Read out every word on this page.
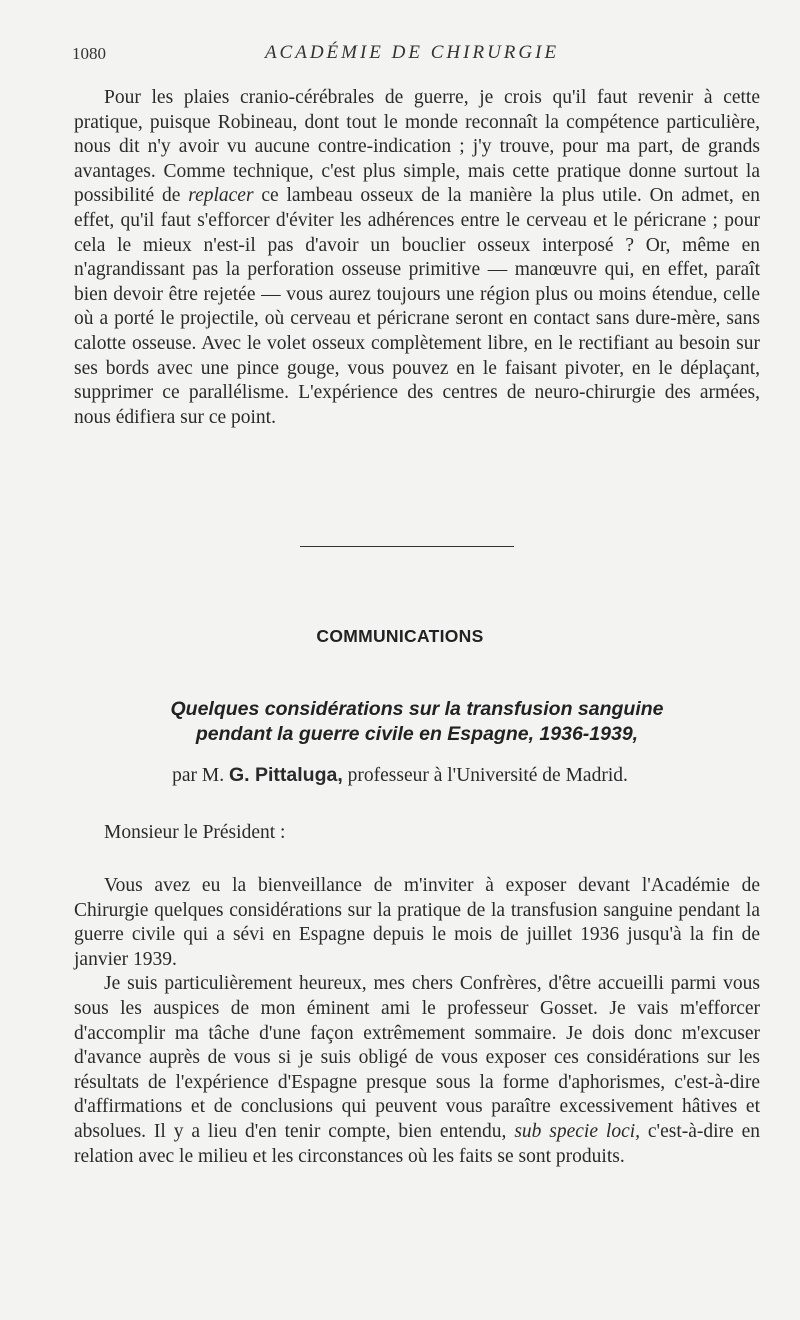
1080	ACADÉMIE DE CHIRURGIE

Pour les plaies cranio-cérébrales de guerre, je crois qu'il faut revenir à cette pratique, puisque Robineau, dont tout le monde reconnaît la compétence particulière, nous dit n'y avoir vu aucune contre-indication ; j'y trouve, pour ma part, de grands avantages. Comme technique, c'est plus simple, mais cette pratique donne surtout la possibilité de replacer ce lambeau osseux de la manière la plus utile. On admet, en effet, qu'il faut s'efforcer d'éviter les adhérences entre le cerveau et le péricrane ; pour cela le mieux n'est-il pas d'avoir un bouclier osseux interposé ? Or, même en n'agrandissant pas la perforation osseuse primitive — manœuvre qui, en effet, paraît bien devoir être rejetée — vous aurez toujours une région plus ou moins étendue, celle où a porté le projectile, où cerveau et péricrane seront en contact sans dure-mère, sans calotte osseuse. Avec le volet osseux complètement libre, en le rectifiant au besoin sur ses bords avec une pince gouge, vous pouvez en le faisant pivoter, en le déplaçant, supprimer ce parallélisme. L'expérience des centres de neuro-chirurgie des armées, nous édifiera sur ce point.

COMMUNICATIONS
Quelques considérations sur la transfusion sanguine
pendant la guerre civile en Espagne, 1936-1939,
par M. G. Pittaluga, professeur à l'Université de Madrid.
Monsieur le Président :

Vous avez eu la bienveillance de m'inviter à exposer devant l'Académie de Chirurgie quelques considérations sur la pratique de la transfusion sanguine pendant la guerre civile qui a sévi en Espagne depuis le mois de juillet 1936 jusqu'à la fin de janvier 1939.

Je suis particulièrement heureux, mes chers Confrères, d'être accueilli parmi vous sous les auspices de mon éminent ami le professeur Gosset. Je vais m'efforcer d'accomplir ma tâche d'une façon extrêmement sommaire. Je dois donc m'excuser d'avance auprès de vous si je suis obligé de vous exposer ces considérations sur les résultats de l'expérience d'Espagne presque sous la forme d'aphorismes, c'est-à-dire d'affirmations et de conclusions qui peuvent vous paraître excessivement hâtives et absolues. Il y a lieu d'en tenir compte, bien entendu, sub specie loci, c'est-à-dire en relation avec le milieu et les circonstances où les faits se sont produits.
